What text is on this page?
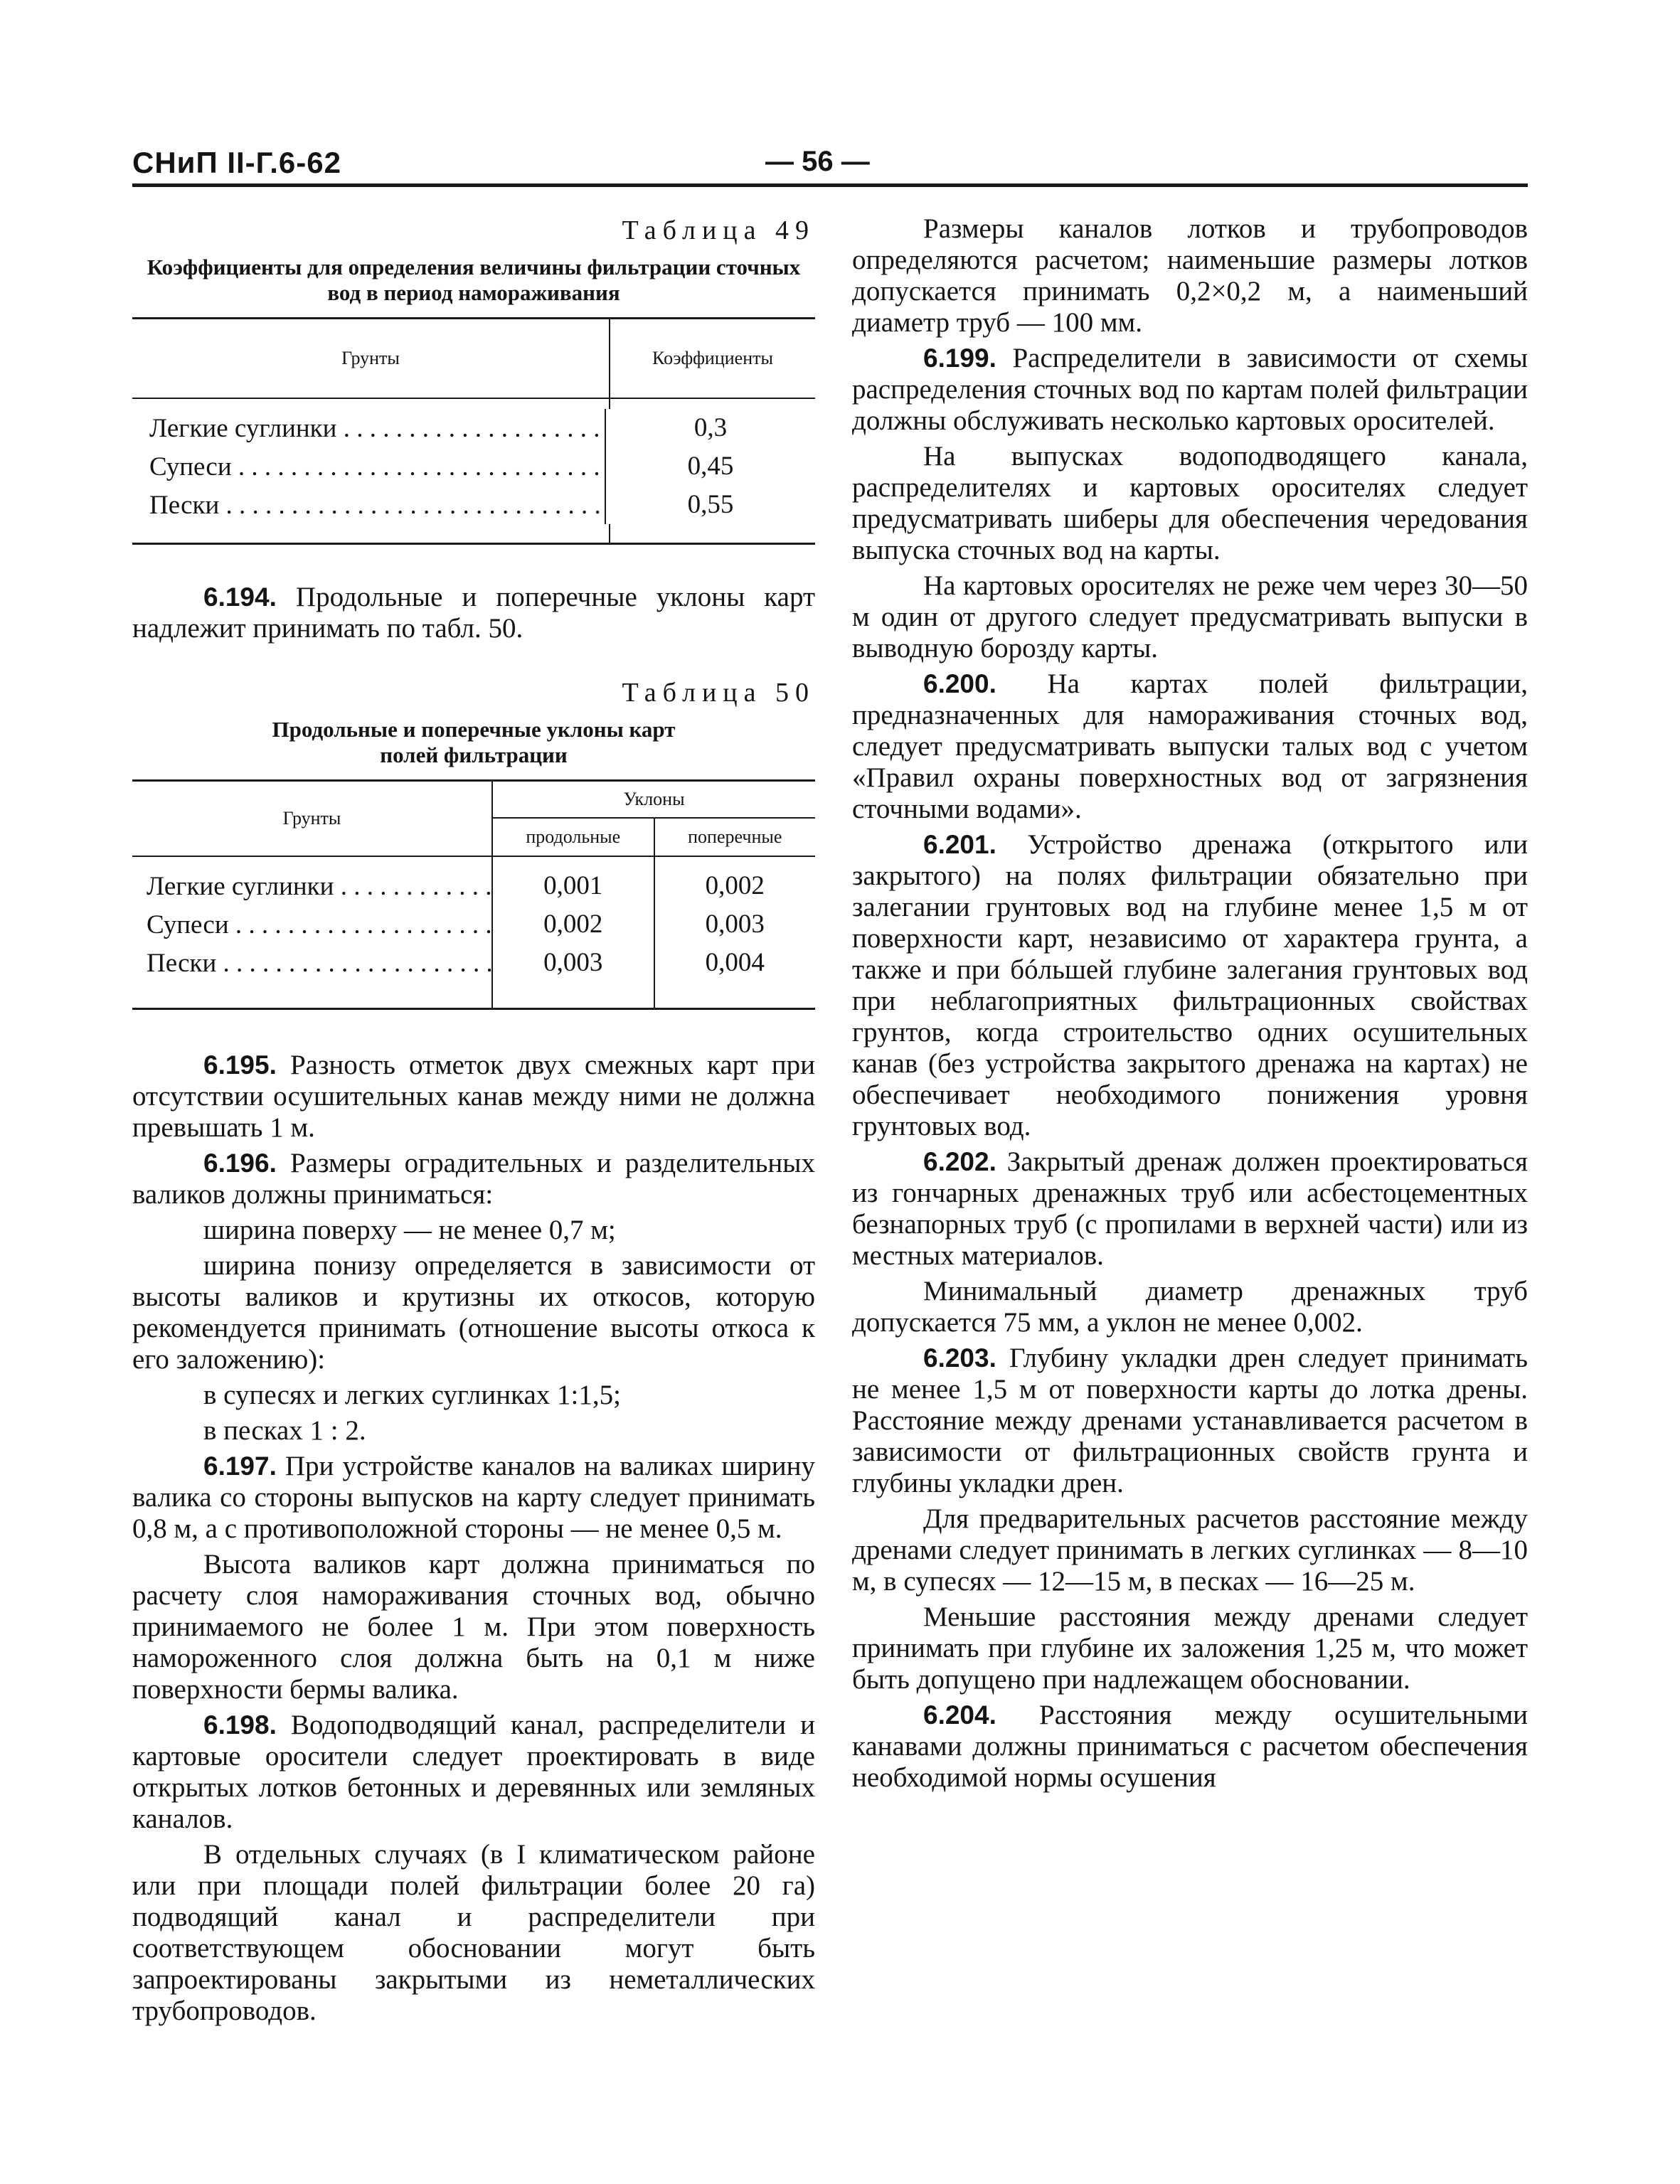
СНиП II-Г.6-62	— 56 —
Таблица 49
Коэффициенты для определения величины фильтрации сточных вод в период намораживания
Грунты	Коэффициенты
Легкие суглинки . . .	0,3
Супеси . . .	0,45
Пески . . .	0,55

6.194. Продольные и поперечные уклоны карт надлежит принимать по табл. 50.

Таблица 50
Продольные и поперечные уклоны карт полей фильтрации
Грунты
Уклоны
продольные	поперечные
Легкие суглинки . . .	0,001	0,002
Супеси . . .	0,002	0,003
Пески . . .	0,003	0,004

6.195. Разность отметок двух смежных карт при отсутствии осушительных канав между ними не должна превышать 1 м.

6.196. Размеры оградительных и разделительных валиков должны приниматься:

ширина поверху — не менее 0,7 м;

ширина понизу определяется в зависимости от высоты валиков и крутизны их откосов, которую рекомендуется принимать (отношение высоты откоса к его заложению):

в супесях и легких суглинках 1:1,5;

в песках 1 : 2.

6.197. При устройстве каналов на валиках ширину валика со стороны выпусков на карту следует принимать 0,8 м, а с противоположной стороны — не менее 0,5 м.

Высота валиков карт должна приниматься по расчету слоя намораживания сточных вод, обычно принимаемого не более 1 м. При этом поверхность намороженного слоя должна быть на 0,1 м ниже поверхности бермы валика.

6.198. Водоподводящий канал, распределители и картовые оросители следует проектировать в виде открытых лотков бетонных и деревянных или земляных каналов.

В отдельных случаях (в I климатическом районе или при площади полей фильтрации более 20 га) подводящий канал и распределители при соответствующем обосновании могут быть запроектированы закрытыми из неметаллических трубопроводов.

Размеры каналов лотков и трубопроводов определяются расчетом; наименьшие размеры лотков допускается принимать 0,2×0,2 м, а наименьший диаметр труб — 100 мм.

6.199. Распределители в зависимости от схемы распределения сточных вод по картам полей фильтрации должны обслуживать несколько картовых оросителей.

На выпусках водоподводящего канала, распределителях и картовых оросителях следует предусматривать шиберы для обеспечения чередования выпуска сточных вод на карты.

На картовых оросителях не реже чем через 30—50 м один от другого следует предусматривать выпуски в выводную борозду карты.

6.200. На картах полей фильтрации, предназначенных для намораживания сточных вод, следует предусматривать выпуски талых вод с учетом «Правил охраны поверхностных вод от загрязнения сточными водами».

6.201. Устройство дренажа (открытого или закрытого) на полях фильтрации обязательно при залегании грунтовых вод на глубине менее 1,5 м от поверхности карт, независимо от характера грунта, а также и при бóльшей глубине залегания грунтовых вод при неблагоприятных фильтрационных свойствах грунтов, когда строительство одних осушительных канав (без устройства закрытого дренажа на картах) не обеспечивает необходимого понижения уровня грунтовых вод.

6.202. Закрытый дренаж должен проектироваться из гончарных дренажных труб или асбестоцементных безнапорных труб (с пропилами в верхней части) или из местных материалов.

Минимальный диаметр дренажных труб допускается 75 мм, а уклон не менее 0,002.

6.203. Глубину укладки дрен следует принимать не менее 1,5 м от поверхности карты до лотка дрены. Расстояние между дренами устанавливается расчетом в зависимости от фильтрационных свойств грунта и глубины укладки дрен.

Для предварительных расчетов расстояние между дренами следует принимать в легких суглинках — 8—10 м, в супесях — 12—15 м, в песках — 16—25 м.

Меньшие расстояния между дренами следует принимать при глубине их заложения 1,25 м, что может быть допущено при надлежащем обосновании.

6.204. Расстояния между осушительными канавами должны приниматься с расчетом обеспечения необходимой нормы осушения
